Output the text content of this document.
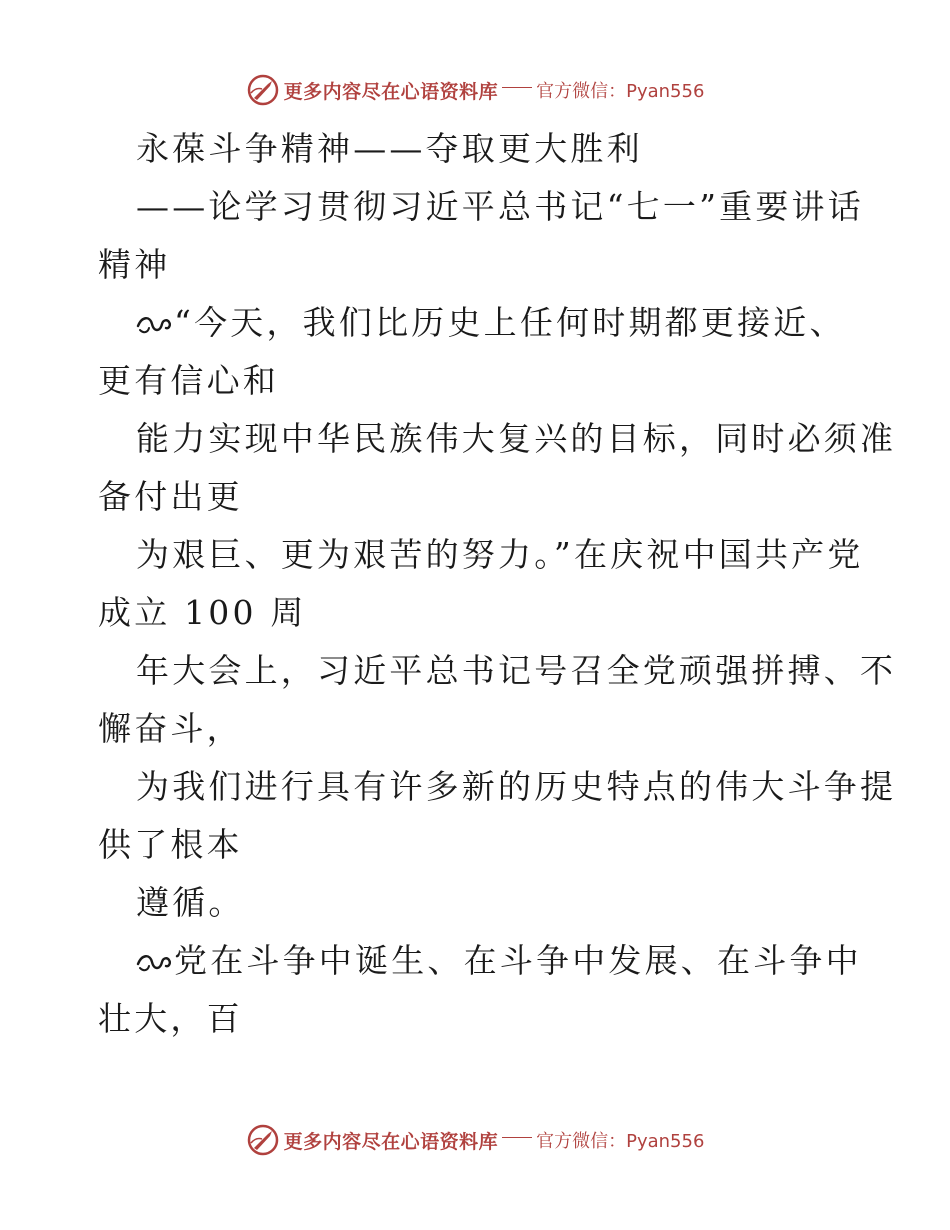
更多内容尽在心语资料库 官方微信：Pyan556
永葆斗争精神——夺取更大胜利
——论学习贯彻习近平总书记“七一”重要讲话
精神
“今天，我们比历史上任何时期都更接近、
更有信心和
能力实现中华民族伟大复兴的目标，同时必须准
备付出更
为艰巨、更为艰苦的努力。”在庆祝中国共产党
成立 100 周
年大会上，习近平总书记号召全党顽强拼搏、不
懈奋斗，
为我们进行具有许多新的历史特点的伟大斗争提
供了根本
遵循。
党在斗争中诞生、在斗争中发展、在斗争中
壮大，百
更多内容尽在心语资料库 官方微信：Pyan556
